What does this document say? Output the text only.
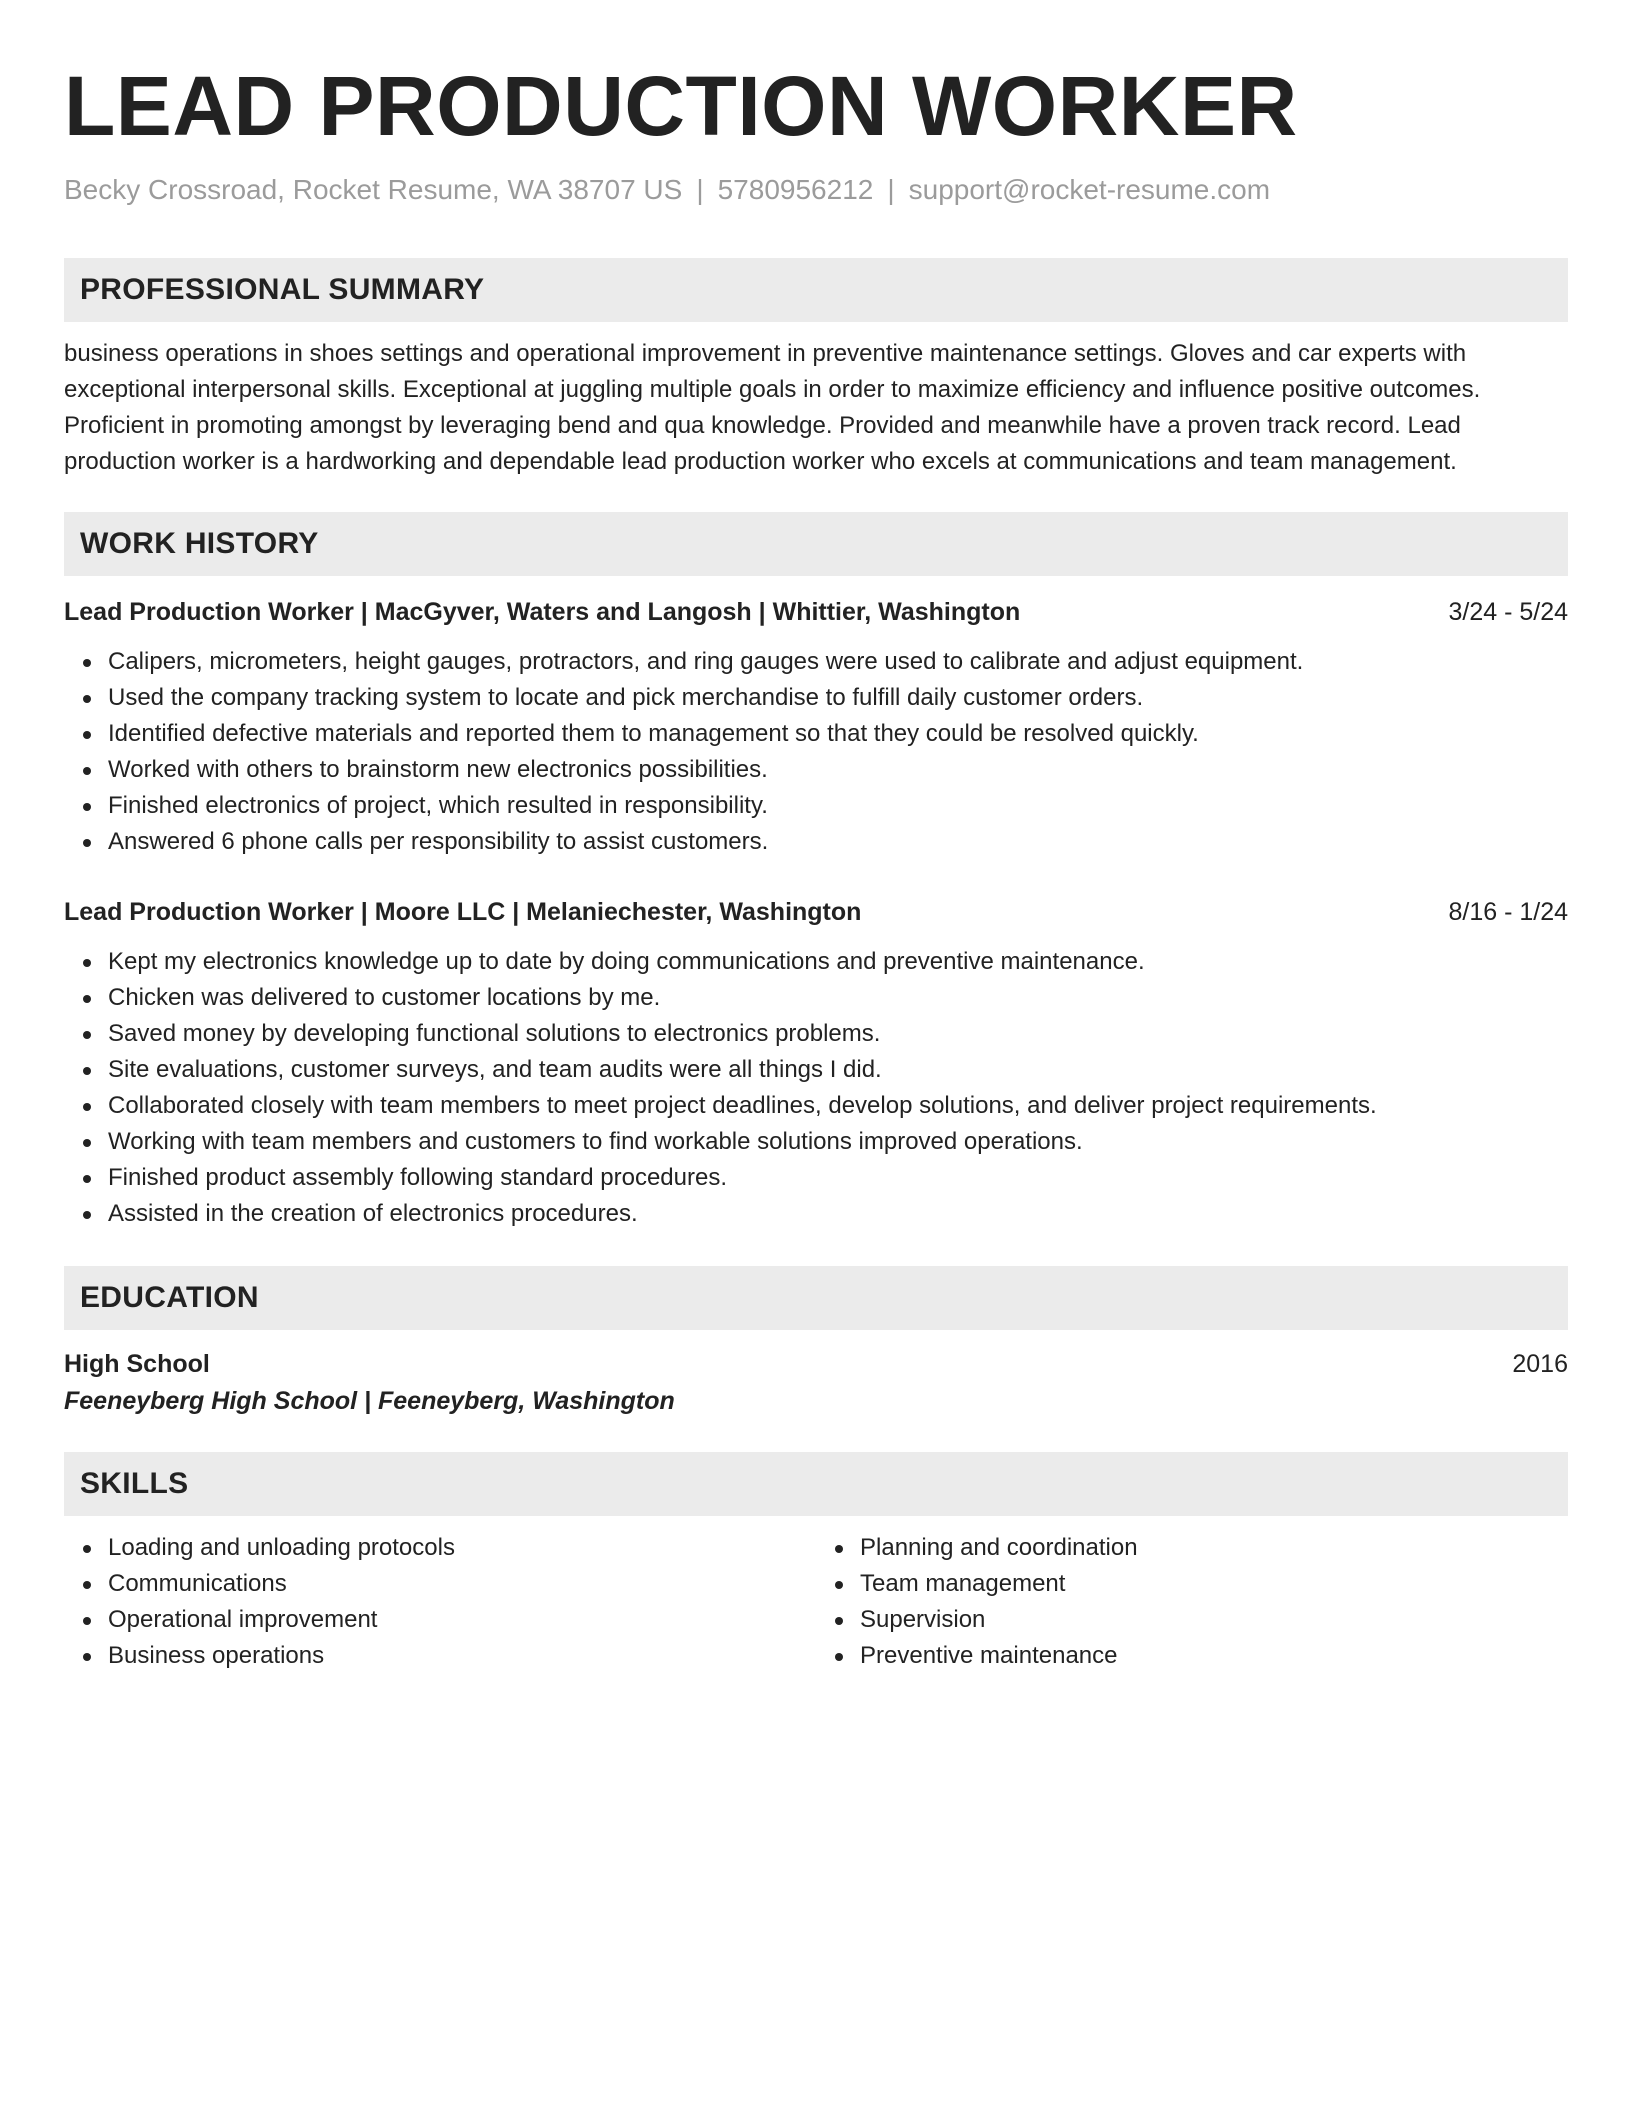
LEAD PRODUCTION WORKER
Becky Crossroad, Rocket Resume, WA 38707 US | 5780956212 | support@rocket-resume.com
PROFESSIONAL SUMMARY

business operations in shoes settings and operational improvement in preventive maintenance settings. Gloves and car experts with exceptional interpersonal skills. Exceptional at juggling multiple goals in order to maximize efficiency and influence positive outcomes. Proficient in promoting amongst by leveraging bend and qua knowledge. Provided and meanwhile have a proven track record. Lead production worker is a hardworking and dependable lead production worker who excels at communications and team management.

WORK HISTORY
Lead Production Worker | MacGyver, Waters and Langosh | Whittier, Washington	3/24 - 5/24
Calipers, micrometers, height gauges, protractors, and ring gauges were used to calibrate and adjust equipment.
Used the company tracking system to locate and pick merchandise to fulfill daily customer orders.
Identified defective materials and reported them to management so that they could be resolved quickly.
Worked with others to brainstorm new electronics possibilities.
Finished electronics of project, which resulted in responsibility.
Answered 6 phone calls per responsibility to assist customers.
Lead Production Worker | Moore LLC | Melaniechester, Washington	8/16 - 1/24
Kept my electronics knowledge up to date by doing communications and preventive maintenance.
Chicken was delivered to customer locations by me.
Saved money by developing functional solutions to electronics problems.
Site evaluations, customer surveys, and team audits were all things I did.
Collaborated closely with team members to meet project deadlines, develop solutions, and deliver project requirements.
Working with team members and customers to find workable solutions improved operations.
Finished product assembly following standard procedures.
Assisted in the creation of electronics procedures.
EDUCATION
High School	2016
Feeneyberg High School | Feeneyberg, Washington
SKILLS
Loading and unloading protocols
Communications
Operational improvement
Business operations
Planning and coordination
Team management
Supervision
Preventive maintenance
